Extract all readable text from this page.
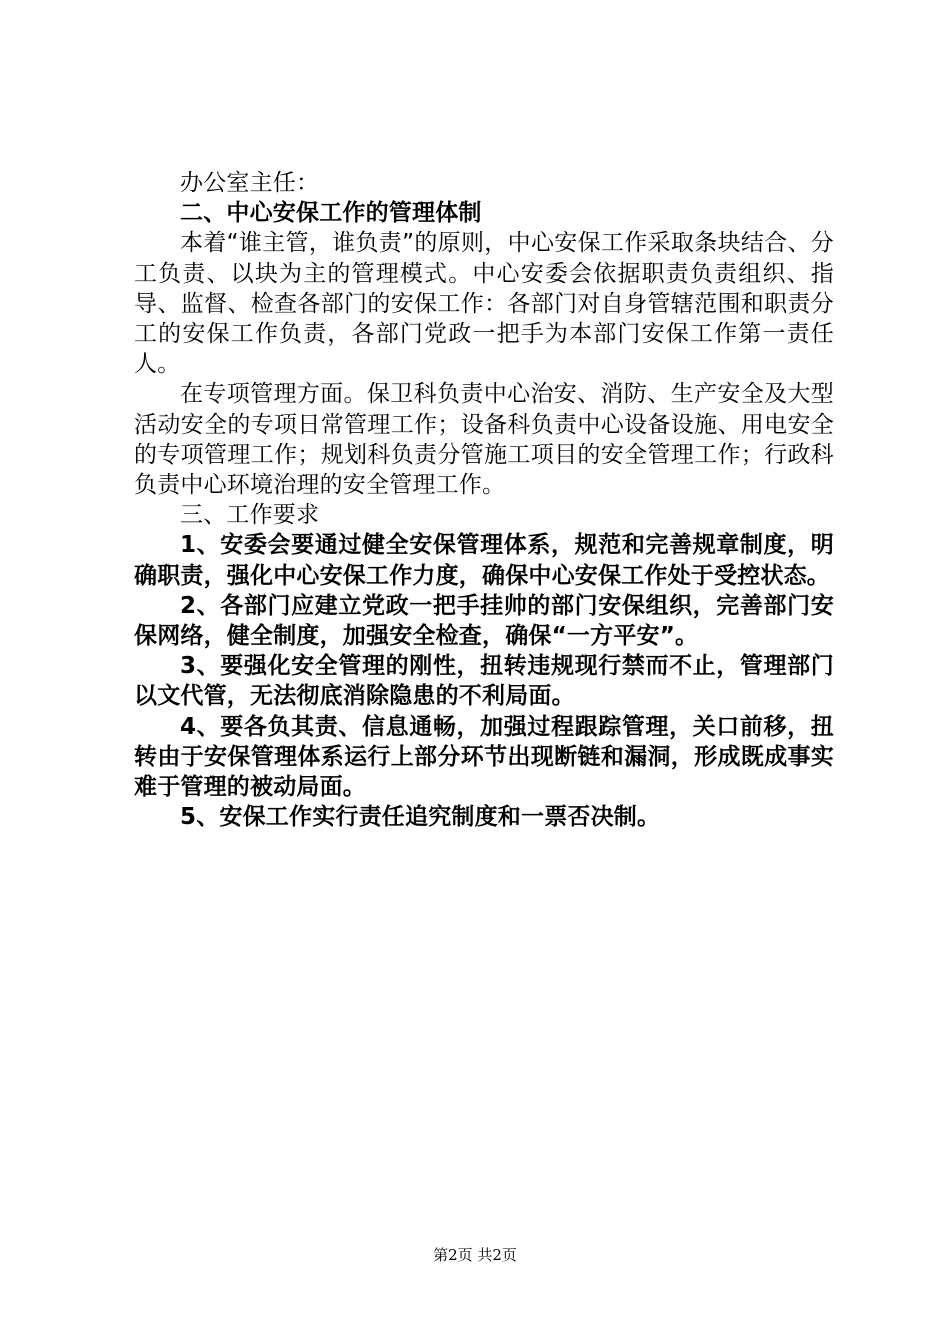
办公室主任：

二、中心安保工作的管理体制

本着“谁主管，谁负责”的原则，中心安保工作采取条块结合、分工负责、以块为主的管理模式。中心安委会依据职责负责组织、指导、监督、检查各部门的安保工作：各部门对自身管辖范围和职责分工的安保工作负责，各部门党政一把手为本部门安保工作第一责任人。

在专项管理方面。保卫科负责中心治安、消防、生产安全及大型活动安全的专项日常管理工作；设备科负责中心设备设施、用电安全的专项管理工作；规划科负责分管施工项目的安全管理工作；行政科负责中心环境治理的安全管理工作。

三、工作要求

1、安委会要通过健全安保管理体系，规范和完善规章制度，明确职责，强化中心安保工作力度，确保中心安保工作处于受控状态。

2、各部门应建立党政一把手挂帅的部门安保组织，完善部门安保网络，健全制度，加强安全检查，确保“一方平安”。

3、要强化安全管理的刚性，扭转违规现行禁而不止，管理部门以文代管，无法彻底消除隐患的不利局面。

4、要各负其责、信息通畅，加强过程跟踪管理，关口前移，扭转由于安保管理体系运行上部分环节出现断链和漏洞，形成既成事实难于管理的被动局面。

5、安保工作实行责任追究制度和一票否决制。

第2页 共2页
